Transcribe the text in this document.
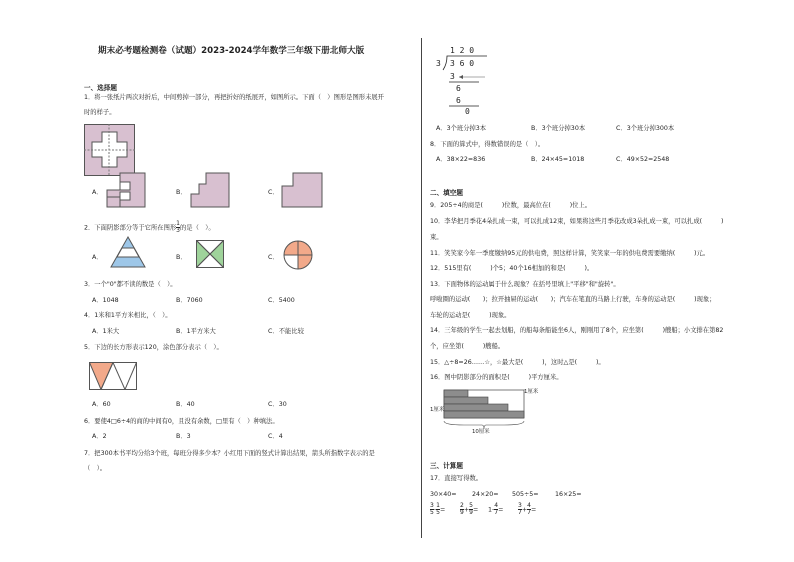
期末必考题检测卷（试题）2023-2024学年数学三年级下册北师大版
一、选择题
1．将一张纸片两次对折后，中间剪掉一部分，再把折好的纸展开，如图所示。下面（　）图形是图形未展开
时的样子。
A．	B．	C．
2．下面阴影部分等于它所在图形 $\frac{1}{3}$ 的是（　）。
A．	B．	C．
3．一个"0"都不读的数是（　）。
A．1048	B．7060	C．5400
4．1米和1平方米相比，（　）。
A．1米大	B．1平方米大	C．不能比较
5．下边的长方形表示120，涂色部分表示（　）。
A．60	B．40	C．30
6．要使4□6÷4的商的中间有0，且没有余数，□里有（　）种填法。
A．2	B．3	C．4
7．把300本书平均分给3个班，每班分得多少本？小红用下面的竖式计算出结果，箭头所指数字表示的是
（　）。
1 2 0
3 3 6 0
3
6
6
0
A．3个班分掉3本	B．3个班分掉30本	C．3个班分掉300本
8．下面的算式中，得数错误的是（　）。
A．38×22=836	B．24×45=1018	C．49×52=2548
二、填空题
9．205÷4的商是(　　　)位数，最高位在(　　　)位上。
10．李华把月季花4朵扎成一束，可以扎成12束，如果将这些月季花改成3朵扎成一束，可以扎成(　　　)
束。
11．笑笑家今年一季度缴纳95元的供电费，照这样计算，笑笑家一年的供电费需要缴纳(　　　)元。
12．515里有(　　　)个5；40个16相加的和是(　　　)。
13．下面物体的运动属于什么现象？在括号里填上"平移"和"旋转"。
呼啦圈的运动(　　)；拉开抽屉的运动(　　)；汽车在笔直的马路上行驶，车身的运动是(　　　)现象；
车轮的运动是(　　　)现象。
14．三年级的学生一起去划船，的船每条船能坐6人，刚刚用了8个，应坐第(　　　)艘船；小文排在第82
个，应坐第(　　　)艘船。
15．△÷8=26……☆，☆最大是(　　　)，这时△是(　　　)。
16．图中阴影部分的面积是(　　　)平方厘米。
1厘米
1厘米
10厘米
三、计算题
17．直接写得数。
30×40= 24×20= 505÷5=	16×25=
$\frac{3}{5} - \frac{1}{5} = \frac{2}{9} + \frac{5}{9} = 1- \frac{4}{7} = \frac{3}{7} + \frac{4}{7}$ =
